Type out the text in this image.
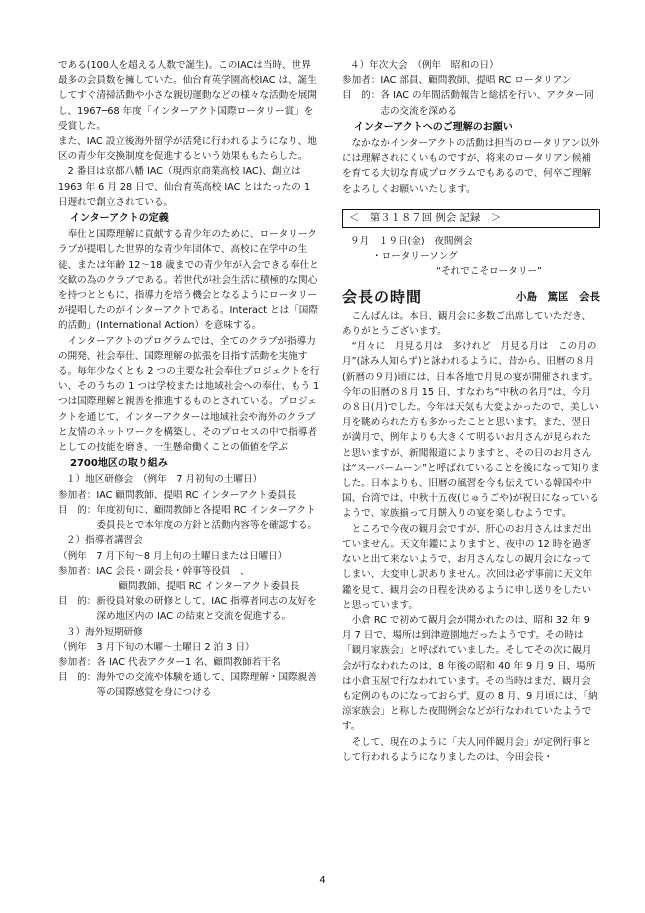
である(100人を超える人数で誕生)。このIACは当時、世界最多の会員数を擁していた。仙台育英学園高校IAC は、誕生してすぐ清掃活動や小さな親切運動などの様々な活動を展開し、1967─68 年度「インターアクト国際ロータリー賞」を受賞した。

また、IAC 設立後海外留学が活発に行われるようになり、地区の青少年交換制度を促進するという効果ももたらした。

2 番目は京都八幡 IAC（現西京商業高校 IAC)、創立は 1963 年 6 月 28 日で、仙台育英高校 IAC とはたったの 1 日遅れで創立されている。

インターアクトの定義

奉仕と国際理解に貢献する青少年のために、ロータリークラブが提唱した世界的な青少年団体で、高校に在学中の生徒、または年齢 12～18 歳までの青少年が入会できる奉仕と交歓の為のクラブである。若世代が社会生活に積極的な関心を持つとともに、指導力を培う機会となるようにロータリーが提唱したのがインターアクトである。Interact とは「国際的活動」(International Action）を意味する。

インターアクトのプログラムでは、全てのクラブが指導力の開発、社会奉仕、国際理解の拡張を目指す活動を実施する。毎年少なくとも 2 つの主要な社会奉仕プロジェクトを行い、そのうちの 1 つは学校または地域社会への奉仕、もう 1 つは国際理解と親善を推進するものとされている。プロジェクトを通じて、インターアクターは地域社会や海外のクラブと友情のネットワークを構築し、そのプロセスの中で指導者としての技能を磨き、一生懸命働くことの価値を学ぶ

2700地区の取り組み
１）地区研修会　（例年　7 月初旬の土曜日）
参加者： IAC 顧問教師、提唱 RC インターアクト委員長
目　的： 年度初旬に、顧問教師と各提唱 RC インターアクト委員長とで本年度の方針と活動内容等を確認する。
２）指導者講習会
（例年　7 月下旬～8 月上旬の土曜日または日曜日）
参加者： IAC 会長・副会長・幹事等役員　、
顧問教師、提唱 RC インターアクト委員長
目　的： 新役員対象の研修として、IAC 指導者同志の友好を深め地区内の IAC の結束と交流を促進する。
３）海外短期研修
（例年　3 月下旬の木曜～土曜日 2 泊 3 日）
参加者： 各 IAC 代表アクター1 名、顧問教師若干名
目　的： 海外での交流や体験を通して、国際理解・国際親善等の国際感覚を身につける
４）年次大会　（例年　昭和の日）
参加者： IAC 部員、顧問教師、提唱 RC ロータリアン
目　的： 各 IAC の年間活動報告と総括を行い、アクター同志の交流を深める
インターアクトへのご理解のお願い

なかなかインターアクトの活動は担当のロータリアン以外には理解されにくいものですが、将来のロータリアン候補を育てる大切な育成プログラムでもあるので、何卒ご理解をよろしくお願いいたします。

＜　第３１８７回 例会 記録　＞
９月　１９日(金)　夜間例会
・ロータリーソング
“それでこそロータリー”
会長の時間	小島　篤匡　会長

こんばんは。本日、観月会に多数ご出席していただき、ありがとうございます。

“月々に　月見る月は　多けれど　月見る月は　この月の月”(詠み人知らず)と詠われるように、昔から、旧暦の８月(新暦の９月)頃には、日本各地で月見の宴が開催されます。今年の旧暦の８月 15 日、すなわち“中秋の名月”は、今月の８日(月)でした。今年は天気も大変よかったので、美しい月を眺められた方も多かったことと思います。また、翌日が満月で、例年よりも大きくて明るいお月さんが見られたと思いますが、新聞報道によりますと、その日のお月さんは“スーパームーン”と呼ばれていることを後になって知りました。日本よりも、旧暦の風習を今も伝えている韓国や中国、台湾では、中秋十五夜(じゅうごや)が祝日になっているようで、家族揃って月餅入りの宴を楽しむようです。

ところで今夜の観月会ですが、肝心のお月さんはまだ出ていません。天文年鑑によりますと、夜中の 12 時を過ぎないと出て来ないようで、お月さんなしの観月会になってしまい、大変申し訳ありません。次回は必ず事前に天文年鑑を見て、観月会の日程を決めるように申し送りをしたいと思っています。

小倉 RC で初めて観月会が開かれたのは、昭和 32 年 9 月 7 日で、場所は到津遊園地だったようです。その時は「観月家族会」と呼ばれていました。そしてその次に観月会が行なわれたのは、8 年後の昭和 40 年 9 月 9 日、場所は小倉玉屋で行なわれています。その当時はまだ、観月会も定例のものになっておらず、夏の 8 月、9 月頃には、「納涼家族会」と称した夜間例会などが行なわれていたようです。

そして、現在のように「夫人同伴観月会」が定例行事として行われるようになりましたのは、今田会長・

4
